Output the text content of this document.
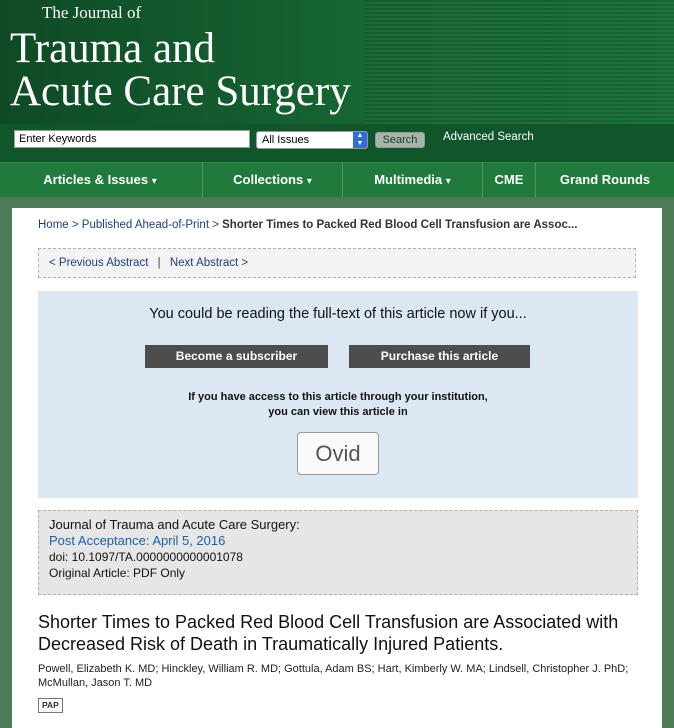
The Journal of
Trauma and
Acute Care Surgery
Enter Keywords
All Issues	▲
▼	Search	Advanced Search
Articles & Issues ▾	Collections ▾	Multimedia ▾	CME	Grand Rounds
Home > Published Ahead-of-Print > Shorter Times to Packed Red Blood Cell Transfusion are Assoc...
< Previous Abstract | Next Abstract >
You could be reading the full-text of this article now if you...
Become a subscriber	Purchase this article
If you have access to this article through your institution,
you can view this article in
Ovid
Journal of Trauma and Acute Care Surgery:
Post Acceptance: April 5, 2016
doi: 10.1097/TA.0000000000001078
Original Article: PDF Only
Shorter Times to Packed Red Blood Cell Transfusion are Associated with Decreased Risk of Death in Traumatically Injured Patients.
Powell, Elizabeth K. MD; Hinckley, William R. MD; Gottula, Adam BS; Hart, Kimberly W. MA; Lindsell, Christopher J. PhD; McMullan, Jason T. MD
PAP
